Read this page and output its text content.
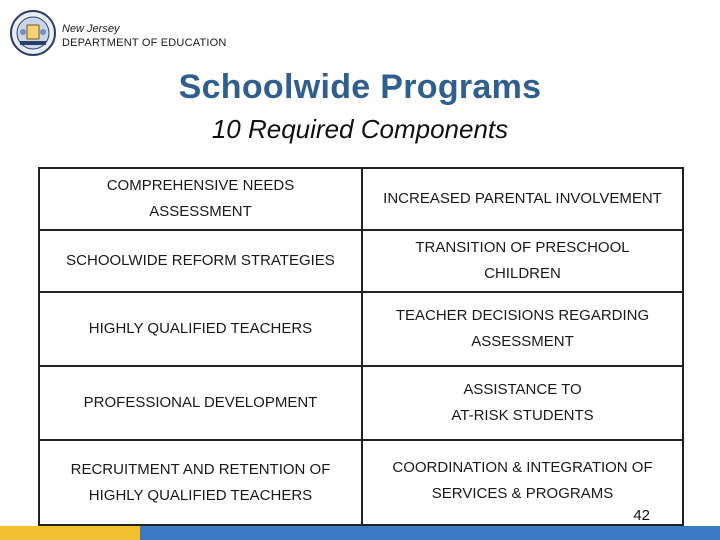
New Jersey
DEPARTMENT OF EDUCATION
Schoolwide Programs
10 Required Components
COMPREHENSIVE NEEDS
ASSESSMENT
SCHOOLWIDE REFORM STRATEGIES
HIGHLY QUALIFIED TEACHERS
PROFESSIONAL DEVELOPMENT
RECRUITMENT AND RETENTION OF
HIGHLY QUALIFIED TEACHERS
INCREASED PARENTAL INVOLVEMENT
TRANSITION OF PRESCHOOL
CHILDREN
TEACHER DECISIONS REGARDING
ASSESSMENT
ASSISTANCE TO
AT-RISK STUDENTS
COORDINATION & INTEGRATION OF
SERVICES & PROGRAMS
42
